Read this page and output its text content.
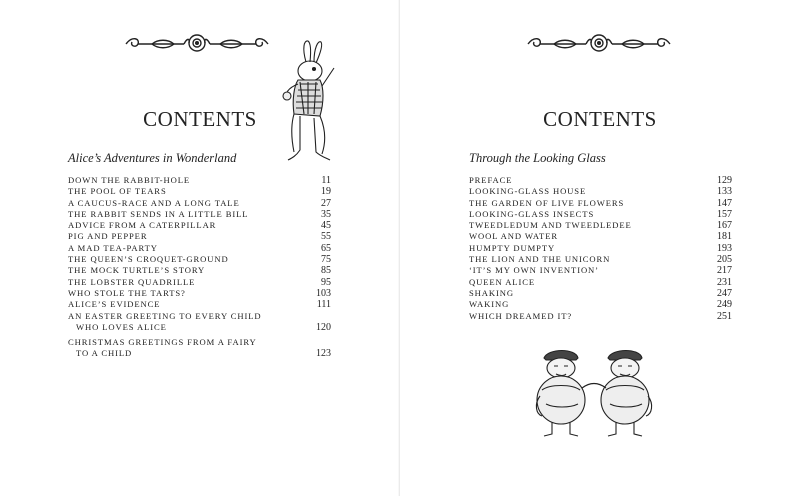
CONTENTS
Alice’s Adventures in Wonderland
DOWN THE RABBIT-HOLE	11
THE POOL OF TEARS	19
A CAUCUS-RACE AND A LONG TALE	27
THE RABBIT SENDS IN A LITTLE BILL	35
ADVICE FROM A CATERPILLAR	45
PIG AND PEPPER	55
A MAD TEA-PARTY	65
THE QUEEN’S CROQUET-GROUND	75
THE MOCK TURTLE’S STORY	85
THE LOBSTER QUADRILLE	95
WHO STOLE THE TARTS?	103
ALICE’S EVIDENCE	111
AN EASTER GREETING TO EVERY CHILD
WHO LOVES ALICE	120
CHRISTMAS GREETINGS FROM A FAIRY
TO A CHILD	123
CONTENTS
Through the Looking Glass
PREFACE	129
LOOKING-GLASS HOUSE	133
THE GARDEN OF LIVE FLOWERS	147
LOOKING-GLASS INSECTS	157
TWEEDLEDUM AND TWEEDLEDEE	167
WOOL AND WATER	181
HUMPTY DUMPTY	193
THE LION AND THE UNICORN	205
‘IT’S MY OWN INVENTION’	217
QUEEN ALICE	231
SHAKING	247
WAKING	249
WHICH DREAMED IT?	251
